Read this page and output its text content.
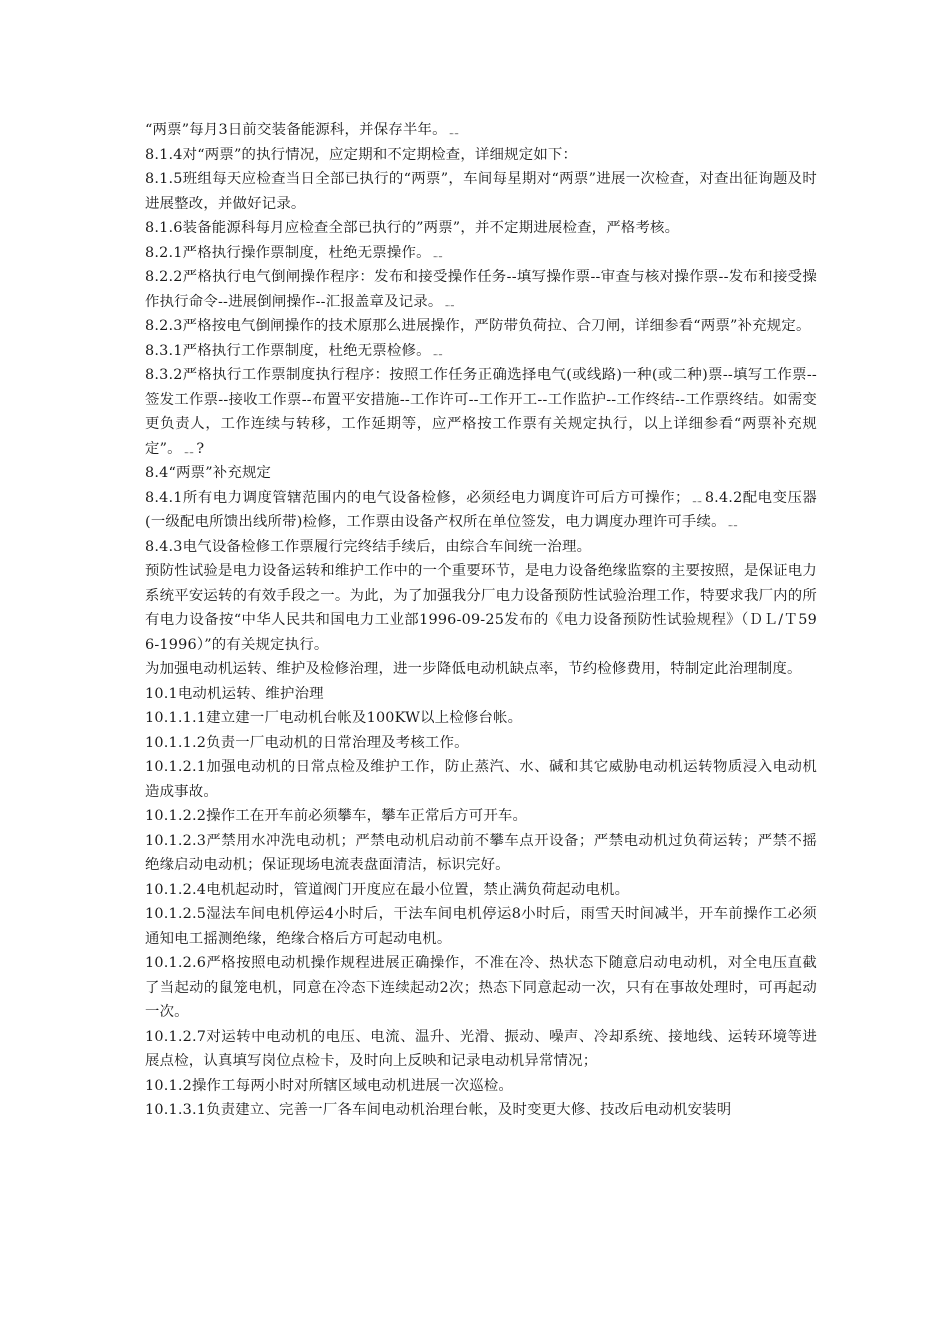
“两票”每月3日前交装备能源科，并保存半年。﹎

8.1.4对“两票”的执行情况，应定期和不定期检查，详细规定如下：

8.1.5班组每天应检查当日全部已执行的“两票”，车间每星期对“两票”进展一次检查，对查出征询题及时进展整改，并做好记录。

8.1.6装备能源科每月应检查全部已执行的”两票”，并不定期进展检查，严格考核。

8.2.1严格执行操作票制度，杜绝无票操作。﹎

8.2.2严格执行电气倒闸操作程序：发布和接受操作任务--填写操作票--审查与核对操作票--发布和接受操作执行命令--进展倒闸操作--汇报盖章及记录。﹎

8.2.3严格按电气倒闸操作的技术原那么进展操作，严防带负荷拉、合刀闸，详细参看“两票”补充规定。

8.3.1严格执行工作票制度，杜绝无票检修。﹎

8.3.2严格执行工作票制度执行程序：按照工作任务正确选择电气(或线路)一种(或二种)票--填写工作票--签发工作票--接收工作票--布置平安措施--工作许可--工作开工--工作监护--工作终结--工作票终结。如需变更负责人，工作连续与转移，工作延期等，应严格按工作票有关规定执行，以上详细参看“两票补充规定”。﹎?

8.4“两票”补充规定

8.4.1所有电力调度管辖范围内的电气设备检修，必须经电力调度许可后方可操作；﹎8.4.2配电变压器(一级配电所馈出线所带)检修，工作票由设备产权所在单位签发，电力调度办理许可手续。﹎

8.4.3电气设备检修工作票履行完终结手续后，由综合车间统一治理。

预防性试验是电力设备运转和维护工作中的一个重要环节，是电力设备绝缘监察的主要按照，是保证电力系统平安运转的有效手段之一。为此，为了加强我分厂电力设备预防性试验治理工作，特要求我厂内的所有电力设备按“中华人民共和国电力工业部1996-09-25发布的《电力设备预防性试验规程》（ＤＬ/Ｔ596-1996）”的有关规定执行。

为加强电动机运转、维护及检修治理，进一步降低电动机缺点率，节约检修费用，特制定此治理制度。

10.1电动机运转、维护治理

10.1.1.1建立建一厂电动机台帐及100KW以上检修台帐。

10.1.1.2负责一厂电动机的日常治理及考核工作。

10.1.2.1加强电动机的日常点检及维护工作，防止蒸汽、水、碱和其它威胁电动机运转物质浸入电动机造成事故。

10.1.2.2操作工在开车前必须攀车，攀车正常后方可开车。

10.1.2.3严禁用水冲洗电动机；严禁电动机启动前不攀车点开设备；严禁电动机过负荷运转；严禁不摇绝缘启动电动机；保证现场电流表盘面清洁，标识完好。

10.1.2.4电机起动时，管道阀门开度应在最小位置，禁止满负荷起动电机。

10.1.2.5湿法车间电机停运4小时后，干法车间电机停运8小时后，雨雪天时间减半，开车前操作工必须通知电工摇测绝缘，绝缘合格后方可起动电机。

10.1.2.6严格按照电动机操作规程进展正确操作，不准在冷、热状态下随意启动电动机，对全电压直截了当起动的鼠笼电机，同意在冷态下连续起动2次；热态下同意起动一次，只有在事故处理时，可再起动一次。

10.1.2.7对运转中电动机的电压、电流、温升、光滑、振动、噪声、冷却系统、接地线、运转环境等进展点检，认真填写岗位点检卡，及时向上反映和记录电动机异常情况；

10.1.2操作工每两小时对所辖区域电动机进展一次巡检。

10.1.3.1负责建立、完善一厂各车间电动机治理台帐，及时变更大修、技改后电动机安装明
